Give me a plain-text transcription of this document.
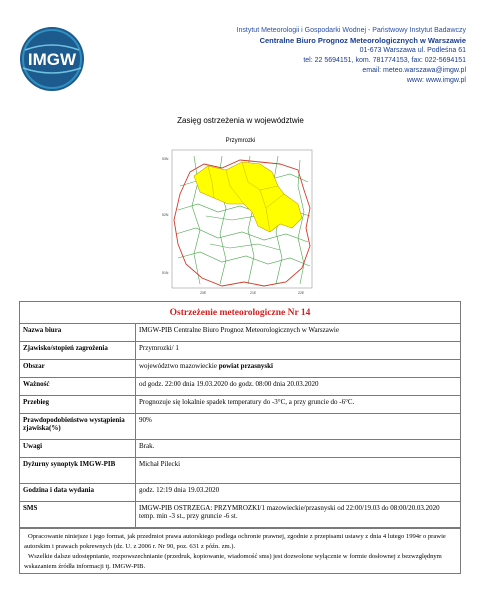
IMGW
Instytut Meteorologii i Gospodarki Wodnej - Państwowy Instytut Badawczy
Centralne Biuro Prognoz Meteorologicznych w Warszawie
01-673 Warszawa ul. Podleśna 61
tel: 22 5694151, kom. 781774153, fax: 022-5694151
email: meteo.warszawa@imgw.pl
www: www.imgw.pl
Zasięg ostrzeżenia w województwie
Przymrozki
53N
52N
51N
20E	21E	22E
Ostrzeżenie meteorologiczne Nr 14	
Nazwa biura	IMGW-PIB Centralne Biuro Prognoz Meteorologicznych w Warszawie
Zjawisko/stopień zagrożenia	Przymrozki/ 1
Obszar	województwo mazowieckie powiat przasnyski
Ważność	od godz. 22:00 dnia 19.03.2020 do godz. 08:00 dnia 20.03.2020
Przebieg	Prognozuje się lokalnie spadek temperatury do -3°C, a przy gruncie do -6°C.
Prawdopodobieństwo wystąpienia zjawiska(%)	90%
Uwagi	Brak.
Dyżurny synoptyk IMGW-PIB	Michał Pilecki
Godzina i data wydania	godz. 12:19 dnia 19.03.2020
SMS	IMGW-PIB OSTRZEGA: PRZYMROZKI/1 mazowieckie/przasnyski od 22:00/19.03 do 08:00/20.03.2020 temp. min -3 st., przy gruncie -6 st.
Opracowanie niniejsze i jego format, jak przedmiot prawa autorskiego podlega ochronie prawnej, zgodnie z przepisami ustawy z dnia 4 lutego 1994r o prawie autorskim i prawach pokrewnych (dz. U. z 2006 r. Nr 90, poz. 631 z późn. zm.).
Wszelkie dalsze udostępnianie, rozpowszechnianie (przedruk, kopiowanie, wiadomość sms) jest dozwolone wyłącznie w formie dosłownej z bezwzględnym wskazaniem źródła informacji tj. IMGW-PIB.
